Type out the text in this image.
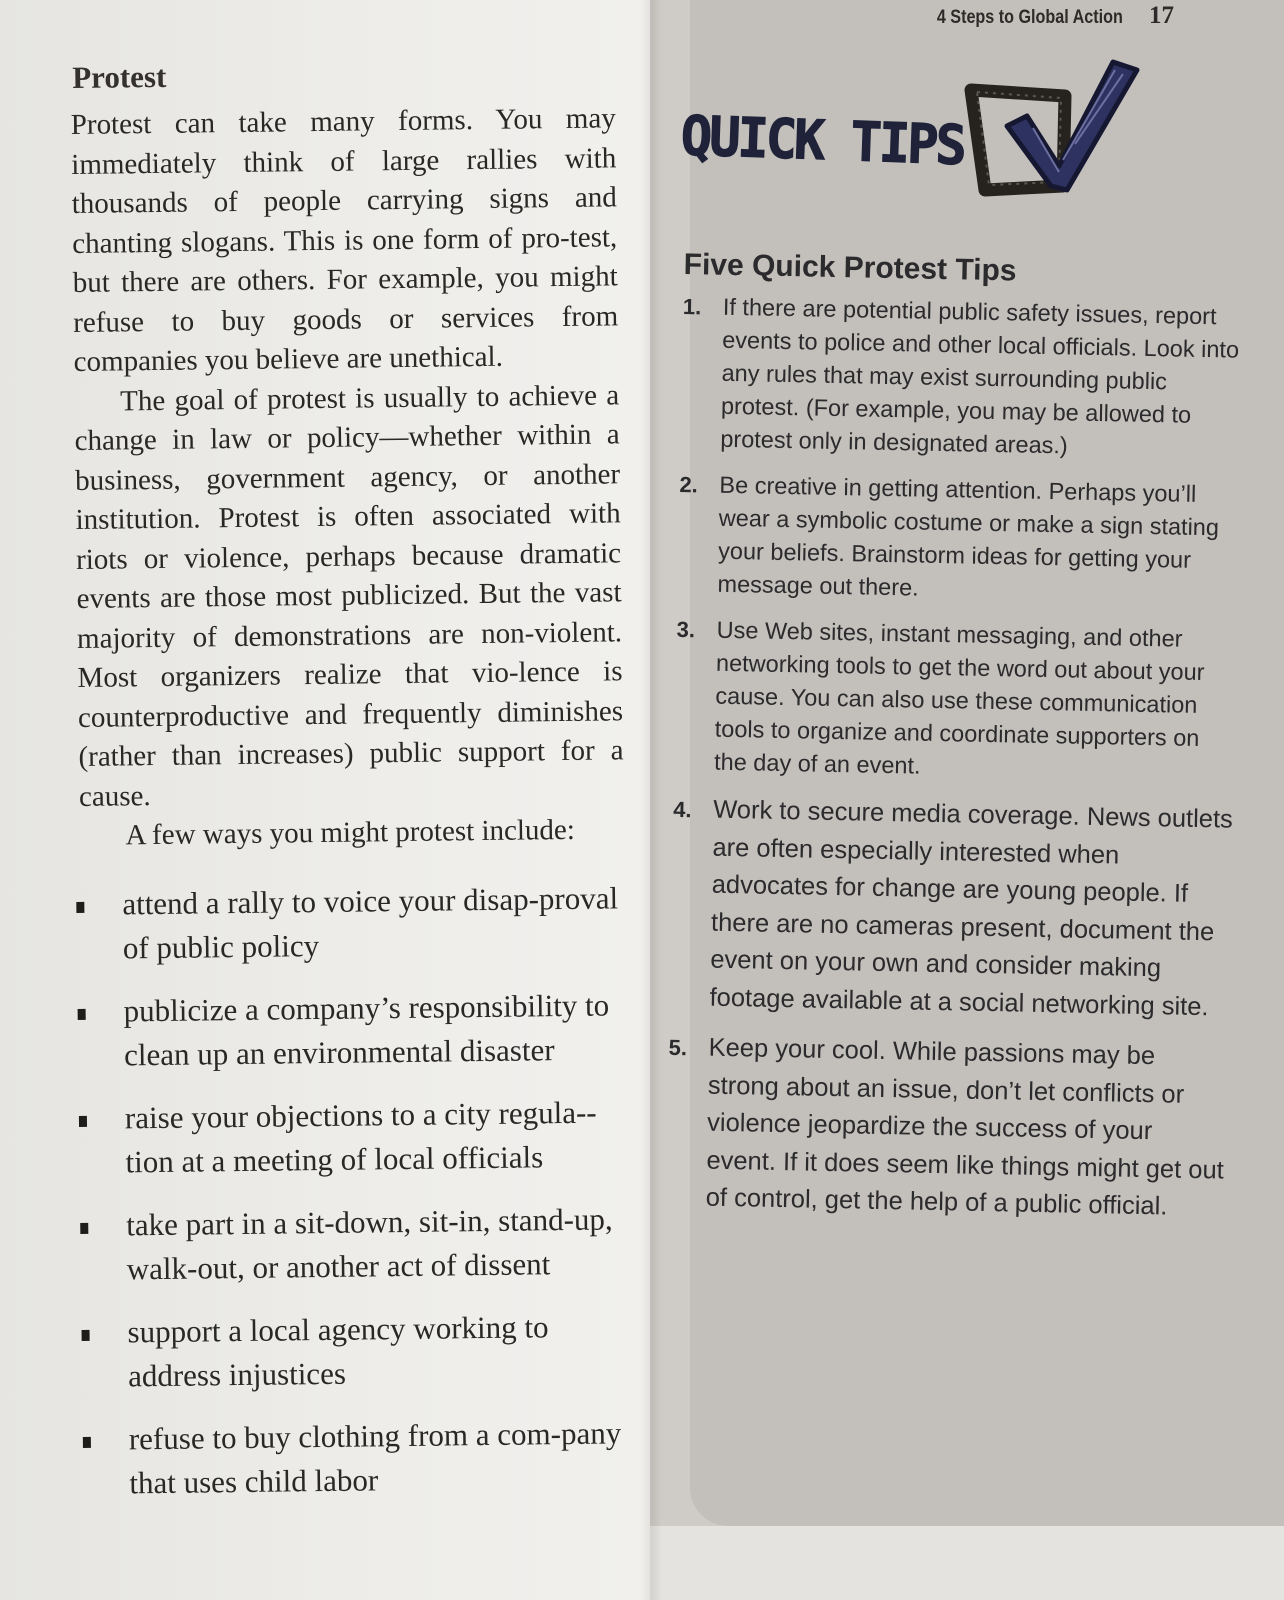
4 Steps to Global Action 17
Protest

Protest can take many forms. You may immediately think of large rallies with thousands of people carrying signs and chanting slogans. This is one form of pro-test, but there are others. For example, you might refuse to buy goods or services from companies you believe are unethical.

The goal of protest is usually to achieve a change in law or policy—whether within a business, government agency, or another institution. Protest is often associated with riots or violence, perhaps because dramatic events are those most publicized. But the vast majority of demonstrations are non-violent. Most organizers realize that vio-lence is counterproductive and frequently diminishes (rather than increases) public support for a cause.

A few ways you might protest include:

attend a rally to voice your disap-proval of public policy
publicize a company’s responsibility to clean up an environmental disaster
raise your objections to a city regula-tion at a meeting of local officials
take part in a sit-down, sit-in, stand-up, walk-out, or another act of dissent
support a local agency working to address injustices
refuse to buy clothing from a com-pany that uses child labor
QUICK TIPS
Five Quick Protest Tips
1. If there are potential public safety issues, report events to police and other local officials. Look into any rules that may exist surrounding public protest. (For example, you may be allowed to protest only in designated areas.)
2. Be creative in getting attention. Perhaps you’ll wear a symbolic costume or make a sign stating your beliefs. Brainstorm ideas for getting your message out there.
3. Use Web sites, instant messaging, and other networking tools to get the word out about your cause. You can also use these communication tools to organize and coordinate supporters on the day of an event.
4. Work to secure media coverage. News outlets are often especially interested when advocates for change are young people. If there are no cameras present, document the event on your own and consider making footage available at a social networking site.
5. Keep your cool. While passions may be strong about an issue, don’t let conflicts or violence jeopardize the success of your event. If it does seem like things might get out of control, get the help of a public official.
